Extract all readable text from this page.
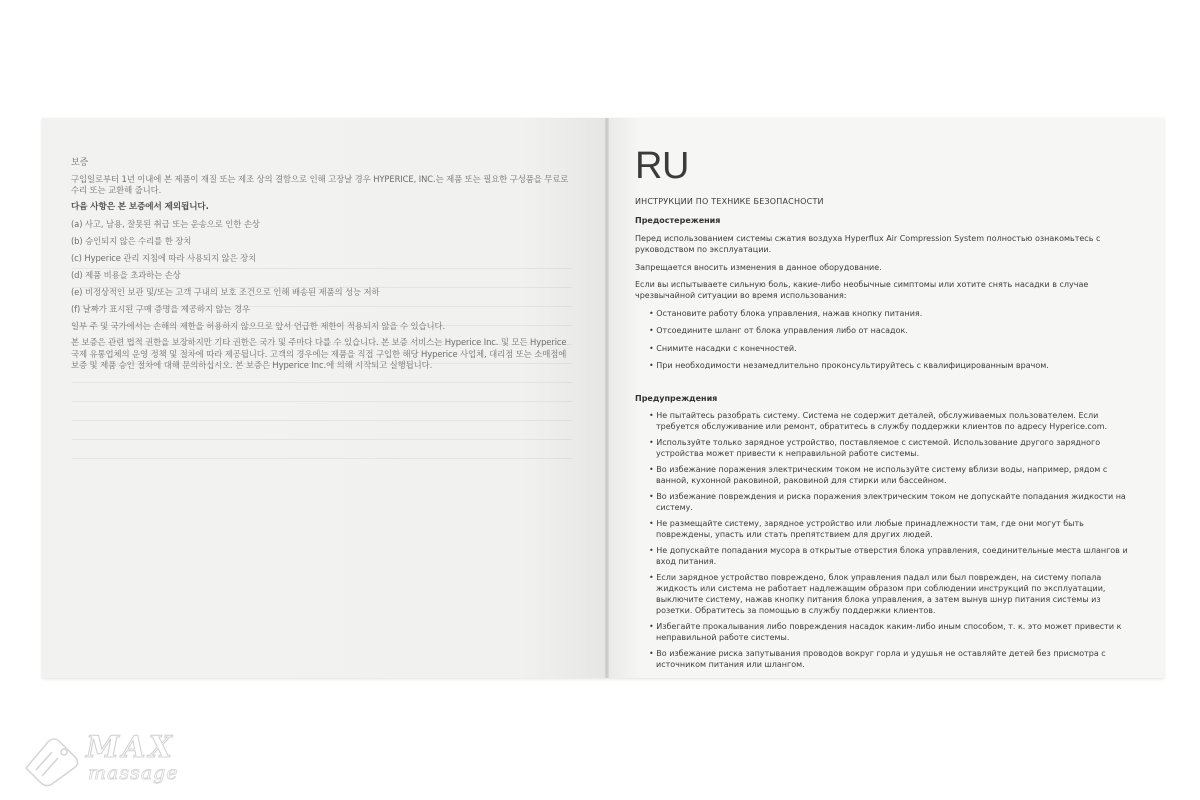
보증

구입일로부터 1년 이내에 본 제품이 재질 또는 제조 상의 결함으로 인해 고장날 경우 HYPERICE, INC.는 제품 또는 필요한 구성품을 무료로 수리 또는 교환해 줍니다.

다음 사항은 본 보증에서 제외됩니다.

(a) 사고, 남용, 잘못된 취급 또는 운송으로 인한 손상

(b) 승인되지 않은 수리를 한 장치

(c) Hyperice 관리 지침에 따라 사용되지 않은 장치

(d) 제품 비용을 초과하는 손상

(e) 비정상적인 보관 및/또는 고객 구내의 보호 조건으로 인해 배송된 제품의 성능 저하

(f) 날짜가 표시된 구매 증명을 제공하지 않는 경우

일부 주 및 국가에서는 손해의 제한을 허용하지 않으므로 앞서 언급한 제한이 적용되지 않을 수 있습니다.

본 보증은 관련 법적 권한을 보장하지만 기타 권한은 국가 및 주마다 다를 수 있습니다. 본 보증 서비스는 Hyperice Inc. 및 모든 Hyperice 국제 유통업체의 운영 정책 및 절차에 따라 제공됩니다. 고객의 경우에는 제품을 직접 구입한 해당 Hyperice 사업체, 대리점 또는 소매점에 보증 및 제품 승인 절차에 대해 문의하십시오. 본 보증은 Hyperice Inc.에 의해 시작되고 실행됩니다.

RU
ИНСТРУКЦИИ ПО ТЕХНИКЕ БЕЗОПАСНОСТИ
Предостережения

Перед использованием системы сжатия воздуха Hyperflux Air Compression System полностью ознакомьтесь с руководством по эксплуатации.

Запрещается вносить изменения в данное оборудование.

Если вы испытываете сильную боль, какие-либо необычные симптомы или хотите снять насадки в случае чрезвычайной ситуации во время использования:

• Остановите работу блока управления, нажав кнопку питания.
• Отсоедините шланг от блока управления либо от насадок.
• Снимите насадки с конечностей.
• При необходимости незамедлительно проконсультируйтесь с квалифицированным врачом.
Предупреждения
• Не пытайтесь разобрать систему. Система не содержит деталей, обслуживаемых пользователем. Если требуется обслуживание или ремонт, обратитесь в службу поддержки клиентов по адресу Hyperice.com.
• Используйте только зарядное устройство, поставляемое с системой. Использование другого зарядного устройства может привести к неправильной работе системы.
• Во избежание поражения электрическим током не используйте систему вблизи воды, например, рядом с ванной, кухонной раковиной, раковиной для стирки или бассейном.
• Во избежание повреждения и риска поражения электрическим током не допускайте попадания жидкости на систему.
• Не размещайте систему, зарядное устройство или любые принадлежности там, где они могут быть повреждены, упасть или стать препятствием для других людей.
• Не допускайте попадания мусора в открытые отверстия блока управления, соединительные места шлангов и вход питания.
• Если зарядное устройство повреждено, блок управления падал или был поврежден, на систему попала жидкость или система не работает надлежащим образом при соблюдении инструкций по эксплуатации, выключите систему, нажав кнопку питания блока управления, а затем вынув шнур питания системы из розетки. Обратитесь за помощью в службу поддержки клиентов.
• Избегайте прокалывания либо повреждения насадок каким-либо иным способом, т. к. это может привести к неправильной работе системы.
• Во избежание риска запутывания проводов вокруг горла и удушья не оставляйте детей без присмотра с источником питания или шлангом.
MAX
massage
